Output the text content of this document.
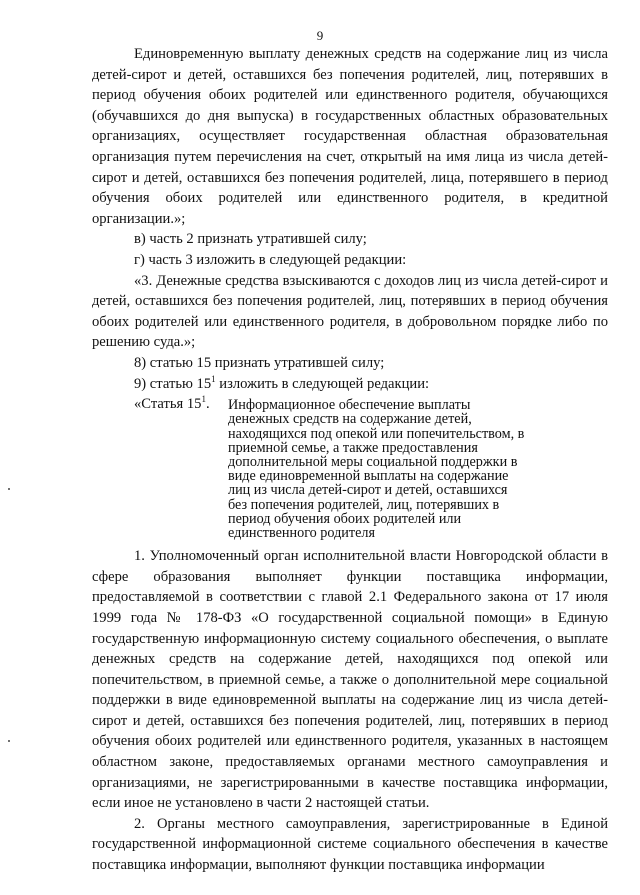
9

Единовременную выплату денежных средств на содержание лиц из числа детей-сирот и детей, оставшихся без попечения родителей, лиц, потерявших в период обучения обоих родителей или единственного родителя, обучающихся (обучавшихся до дня выпуска) в государственных областных образовательных организациях, осуществляет государственная областная образовательная организация путем перечисления на счет, открытый на имя лица из числа детей-сирот и детей, оставшихся без попечения родителей, лица, потерявшего в период обучения обоих родителей или единственного родителя, в кредитной организации.»;

в) часть 2 признать утратившей силу;

г) часть 3 изложить в следующей редакции:

«3. Денежные средства взыскиваются с доходов лиц из числа детей-сирот и детей, оставшихся без попечения родителей, лиц, потерявших в период обучения обоих родителей или единственного родителя, в добровольном порядке либо по решению суда.»;

8) статью 15 признать утратившей силу;

9) статью $15^1$ изложить в следующей редакции:

«Статья $15^1$.	Информационное обеспечение выплаты денежных средств на содержание детей, находящихся под опекой или попечительством, в приемной семье, а также предоставления дополнительной меры социальной поддержки в виде единовременной выплаты на содержание лиц из числа детей-сирот и детей, оставшихся без попечения родителей, лиц, потерявших в период обучения обоих родителей или единственного родителя

1. Уполномоченный орган исполнительной власти Новгородской области в сфере образования выполняет функции поставщика информации, предоставляемой в соответствии с главой 2.1 Федерального закона от 17 июля 1999 года № 178-ФЗ «О государственной социальной помощи» в Единую государственную информационную систему социального обеспечения, о выплате денежных средств на содержание детей, находящихся под опекой или попечительством, в приемной семье, а также о дополнительной мере социальной поддержки в виде единовременной выплаты на содержание лиц из числа детей-сирот и детей, оставшихся без попечения родителей, лиц, потерявших в период обучения обоих родителей или единственного родителя, указанных в настоящем областном законе, предоставляемых органами местного самоуправления и организациями, не зарегистрированными в качестве поставщика информации, если иное не установлено в части 2 настоящей статьи.

2. Органы местного самоуправления, зарегистрированные в Единой государственной информационной системе социального обеспечения в качестве поставщика информации, выполняют функции поставщика информации
